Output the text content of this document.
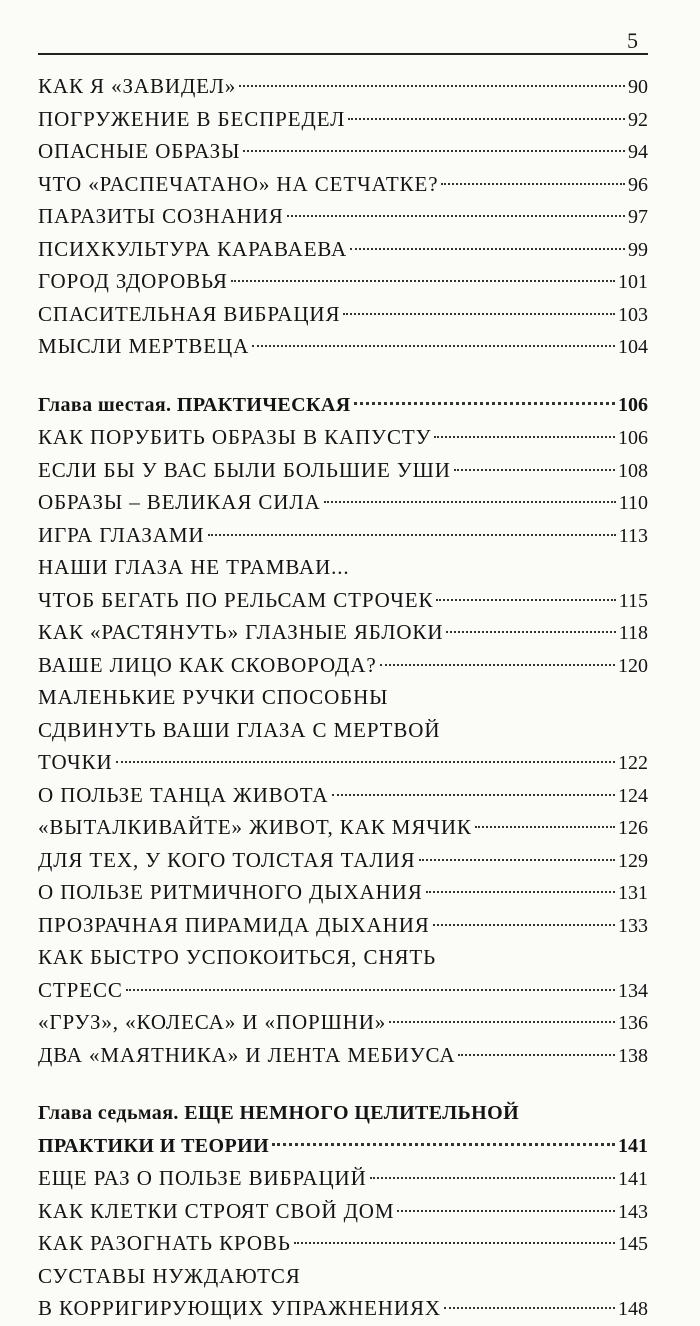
5
КАК Я «ЗАВИДЕЛ»	90
ПОГРУЖЕНИЕ В БЕСПРЕДЕЛ	92
ОПАСНЫЕ ОБРАЗЫ	94
ЧТО «РАСПЕЧАТАНО» НА СЕТЧАТКЕ?	96
ПАРАЗИТЫ СОЗНАНИЯ	97
ПСИХКУЛЬТУРА КАРАВАЕВА	99
ГОРОД ЗДОРОВЬЯ	101
СПАСИТЕЛЬНАЯ ВИБРАЦИЯ	103
МЫСЛИ МЕРТВЕЦА	104
Глава шестая. ПРАКТИЧЕСКАЯ	106
КАК ПОРУБИТЬ ОБРАЗЫ В КАПУСТУ	106
ЕСЛИ БЫ У ВАС БЫЛИ БОЛЬШИЕ УШИ	108
ОБРАЗЫ – ВЕЛИКАЯ СИЛА	110
ИГРА ГЛАЗАМИ	113
НАШИ ГЛАЗА НЕ ТРАМВАИ...
ЧТОБ БЕГАТЬ ПО РЕЛЬСАМ СТРОЧЕК	115
КАК «РАСТЯНУТЬ» ГЛАЗНЫЕ ЯБЛОКИ	118
ВАШЕ ЛИЦО КАК СКОВОРОДА?	120
МАЛЕНЬКИЕ РУЧКИ СПОСОБНЫ
СДВИНУТЬ ВАШИ ГЛАЗА С МЕРТВОЙ
ТОЧКИ	122
О ПОЛЬЗЕ ТАНЦА ЖИВОТА	124
«ВЫТАЛКИВАЙТЕ» ЖИВОТ, КАК МЯЧИК	126
ДЛЯ ТЕХ, У КОГО ТОЛСТАЯ ТАЛИЯ	129
О ПОЛЬЗЕ РИТМИЧНОГО ДЫХАНИЯ	131
ПРОЗРАЧНАЯ ПИРАМИДА ДЫХАНИЯ	133
КАК БЫСТРО УСПОКОИТЬСЯ, СНЯТЬ
СТРЕСС	134
«ГРУЗ», «КОЛЕСА» И «ПОРШНИ»	136
ДВА «МАЯТНИКА» И ЛЕНТА МЕБИУСА	138
Глава седьмая. ЕЩЕ НЕМНОГО ЦЕЛИТЕЛЬНОЙ
ПРАКТИКИ И ТЕОРИИ	141
ЕЩЕ РАЗ О ПОЛЬЗЕ ВИБРАЦИЙ	141
КАК КЛЕТКИ СТРОЯТ СВОЙ ДОМ	143
КАК РАЗОГНАТЬ КРОВЬ	145
СУСТАВЫ НУЖДАЮТСЯ
В КОРРИГИРУЮЩИХ УПРАЖНЕНИЯХ	148
